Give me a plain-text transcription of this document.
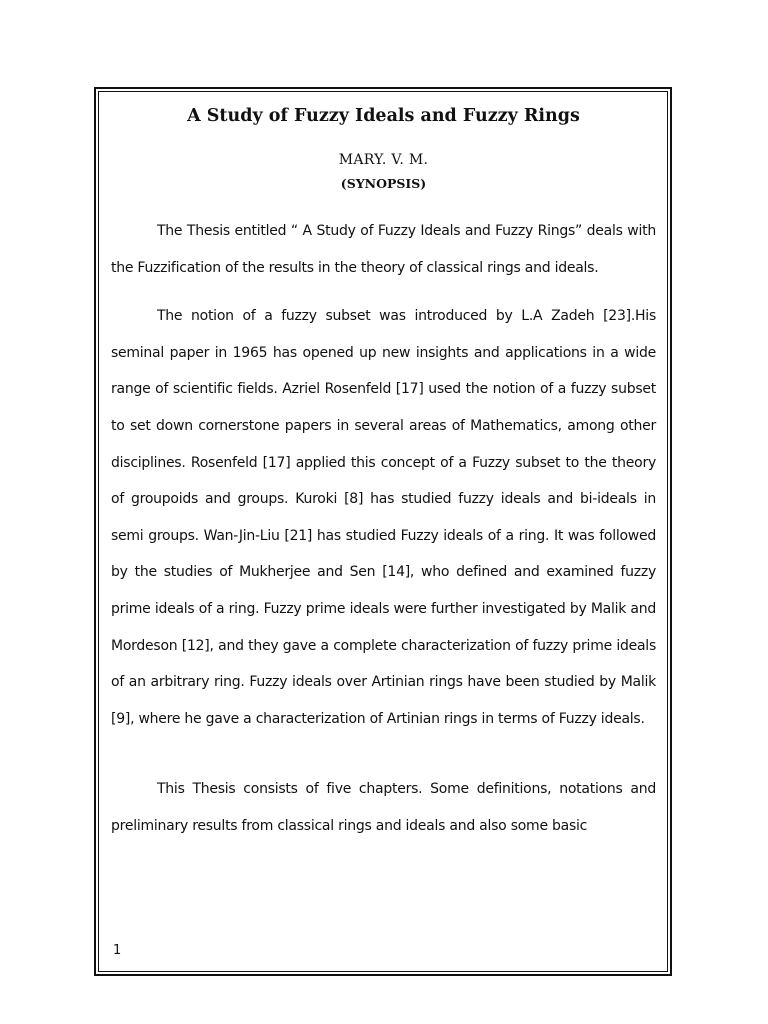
A Study of Fuzzy Ideals and Fuzzy Rings
MARY. V. M.
(SYNOPSIS)

The Thesis entitled “ A Study of Fuzzy Ideals and Fuzzy Rings” deals with the Fuzzification of the results in the theory of classical rings and ideals.

The notion of a fuzzy subset was introduced by L.A Zadeh [23].His seminal paper in 1965 has opened up new insights and applications in a wide range of scientific fields. Azriel Rosenfeld [17] used the notion of a fuzzy subset to set down cornerstone papers in several areas of Mathematics, among other disciplines. Rosenfeld [17] applied this concept of a Fuzzy subset to the theory of groupoids and groups. Kuroki [8] has studied fuzzy ideals and bi-ideals in semi groups. Wan-Jin-Liu [21] has studied Fuzzy ideals of a ring. It was followed by the studies of Mukherjee and Sen [14], who defined and examined fuzzy prime ideals of a ring. Fuzzy prime ideals were further investigated by Malik and Mordeson [12], and they gave a complete characterization of fuzzy prime ideals of an arbitrary ring. Fuzzy ideals over Artinian rings have been studied by Malik [9], where he gave a characterization of Artinian rings in terms of Fuzzy ideals.

This Thesis consists of five chapters. Some definitions, notations and preliminary results from classical rings and ideals and also some basic

1
